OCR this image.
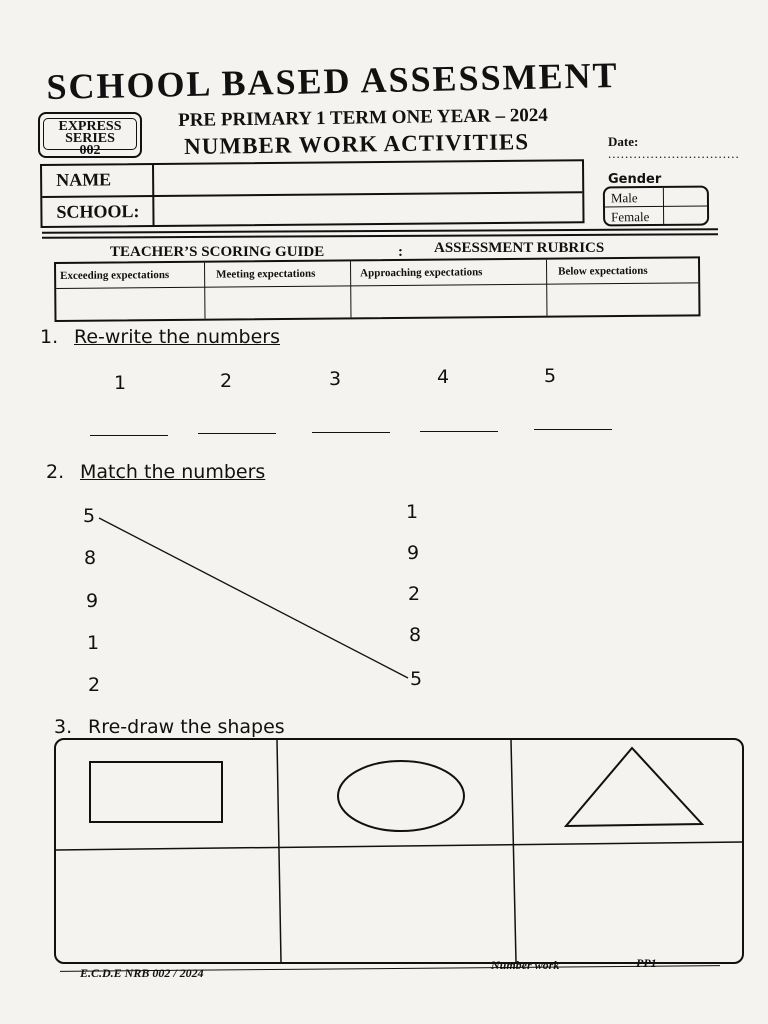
SCHOOL BASED ASSESSMENT
EXPRESS
SERIES
002
PRE PRIMARY 1 TERM ONE YEAR – 2024
NUMBER WORK ACTIVITIES	Date:
...............................
NAME
SCHOOL:
Gender
Male
Female
TEACHER’S SCORING GUIDE	: ASSESSMENT RUBRICS
Exceeding expectations	Meeting expectations	Approaching expectations	Below expectations
1. Re-write the numbers
1	2	3	4	5
2. Match the numbers
5
8
9
1
2
1
9
2
8
5
3. Rre-draw the shapes
E.C.D.E NRB 002 / 2024
Number work	PP1
